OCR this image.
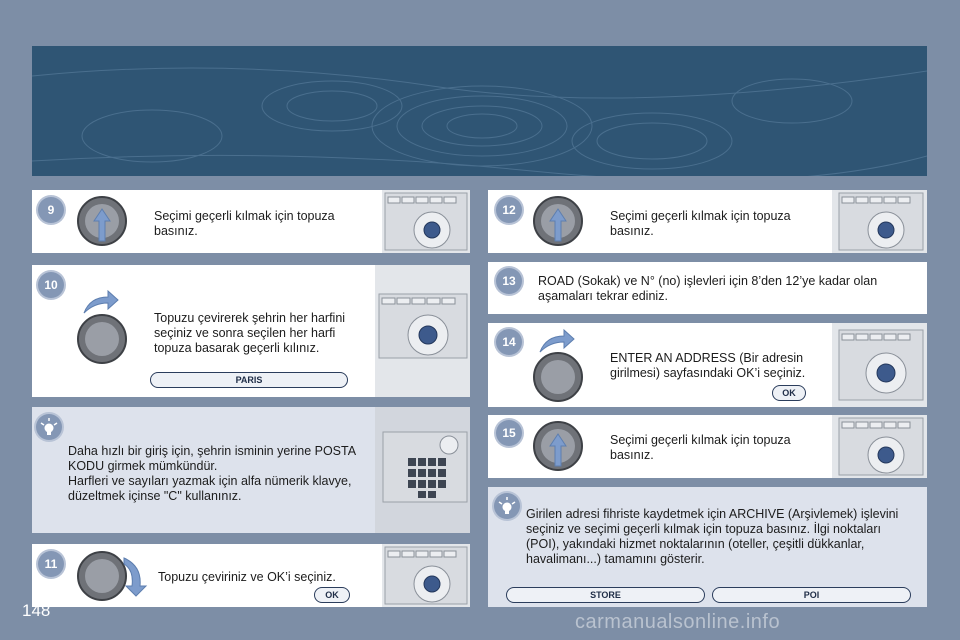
9	Seçimi geçerli kılmak için topuza basınız.
10
Topuzu çevirerek şehrin her harfini seçiniz ve sonra seçilen her harfi topuza basarak geçerli kılınız.
PARIS
Daha hızlı bir giriş için, şehrin isminin yerine POSTA KODU girmek mümkündür.
Harfleri ve sayıları yazmak için alfa nümerik klavye, düzeltmek içinse "C" kullanınız.
11
Topuzu çeviriniz ve OK’i seçiniz.
OK
12	Seçimi geçerli kılmak için topuza basınız.
13	ROAD (Sokak) ve N° (no) işlevleri için 8’den 12’ye kadar olan aşamaları tekrar ediniz.
14
ENTER AN ADDRESS (Bir adresin girilmesi) sayfasındaki OK’i seçiniz.
OK
15	Seçimi geçerli kılmak için topuza basınız.
Girilen adresi fihriste kaydetmek için ARCHIVE (Arşivlemek) işlevini seçiniz ve seçimi geçerli kılmak için topuza basınız. İlgi noktaları (POI), yakındaki hizmet noktalarının (oteller, çeşitli dükkanlar, havalimanı...) tamamını gösterir.
STORE	POI
148
carmanualsonline.info
